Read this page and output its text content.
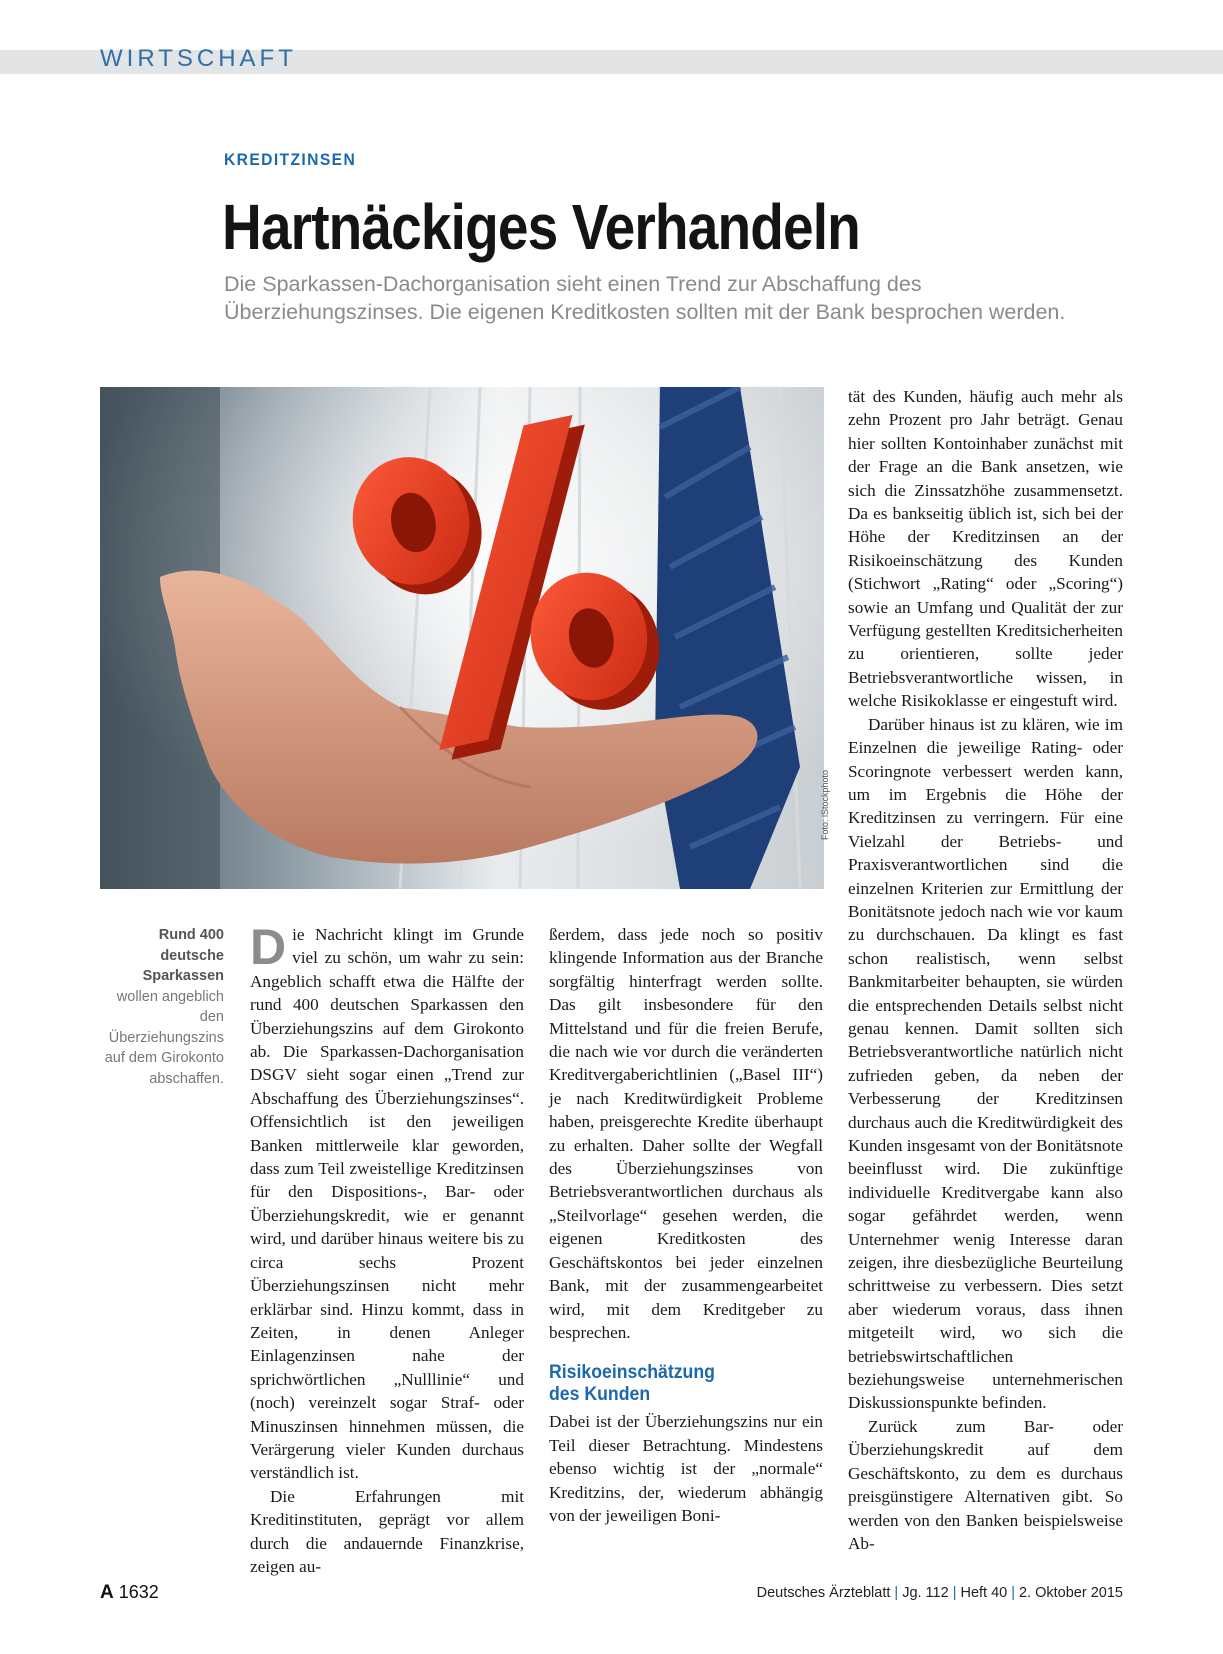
WIRTSCHAFT
KREDITZINSEN
Hartnäckiges Verhandeln
Die Sparkassen-Dachorganisation sieht einen Trend zur Abschaffung des Überziehungszinses. Die eigenen Kreditkosten sollten mit der Bank besprochen werden.
Foto: iStockphoto
Rund 400 deutsche Sparkassen wollen angeblich den Überziehungszins auf dem Girokonto abschaffen.

Die Nachricht klingt im Grunde viel zu schön, um wahr zu sein: Angeblich schafft etwa die Hälfte der rund 400 deutschen Sparkassen den Überziehungszins auf dem Girokonto ab. Die Sparkassen-Dachorganisation DSGV sieht sogar einen „Trend zur Abschaffung des Überziehungszinses“. Offensichtlich ist den jeweiligen Banken mittlerweile klar geworden, dass zum Teil zweistellige Kreditzinsen für den Dispositions-, Bar- oder Überziehungskredit, wie er genannt wird, und darüber hinaus weitere bis zu circa sechs Prozent Überziehungszinsen nicht mehr erklärbar sind. Hinzu kommt, dass in Zeiten, in denen Anleger Einlagenzinsen nahe der sprichwörtlichen „Nulllinie“ und (noch) vereinzelt sogar Straf- oder Minuszinsen hinnehmen müssen, die Verärgerung vieler Kunden durchaus verständlich ist.

Die Erfahrungen mit Kreditinstituten, geprägt vor allem durch die andauernde Finanzkrise, zeigen au-

ßerdem, dass jede noch so positiv klingende Information aus der Branche sorgfältig hinterfragt werden sollte. Das gilt insbesondere für den Mittelstand und für die freien Berufe, die nach wie vor durch die veränderten Kreditvergaberichtlinien („Basel III“) je nach Kreditwürdigkeit Probleme haben, preisgerechte Kredite überhaupt zu erhalten. Daher sollte der Wegfall des Überziehungszinses von Betriebsverantwortlichen durchaus als „Steilvorlage“ gesehen werden, die eigenen Kreditkosten des Geschäftskontos bei jeder einzelnen Bank, mit der zusammengearbeitet wird, mit dem Kreditgeber zu besprechen.

Risikoeinschätzung
des Kunden

Dabei ist der Überziehungszins nur ein Teil dieser Betrachtung. Mindestens ebenso wichtig ist der „normale“ Kreditzins, der, wiederum abhängig von der jeweiligen Boni-

tät des Kunden, häufig auch mehr als zehn Prozent pro Jahr beträgt. Genau hier sollten Kontoinhaber zunächst mit der Frage an die Bank ansetzen, wie sich die Zinssatzhöhe zusammensetzt. Da es bankseitig üblich ist, sich bei der Höhe der Kreditzinsen an der Risikoeinschätzung des Kunden (Stichwort „Rating“ oder „Scoring“) sowie an Umfang und Qualität der zur Verfügung gestellten Kreditsicherheiten zu orientieren, sollte jeder Betriebsverantwortliche wissen, in welche Risikoklasse er eingestuft wird.

Darüber hinaus ist zu klären, wie im Einzelnen die jeweilige Rating- oder Scoringnote verbessert werden kann, um im Ergebnis die Höhe der Kreditzinsen zu verringern. Für eine Vielzahl der Betriebs- und Praxisverantwortlichen sind die einzelnen Kriterien zur Ermittlung der Bonitätsnote jedoch nach wie vor kaum zu durchschauen. Da klingt es fast schon realistisch, wenn selbst Bankmitarbeiter behaupten, sie würden die entsprechenden Details selbst nicht genau kennen. Damit sollten sich Betriebsverantwortliche natürlich nicht zufrieden geben, da neben der Verbesserung der Kreditzinsen durchaus auch die Kreditwürdigkeit des Kunden insgesamt von der Bonitätsnote beeinflusst wird. Die zukünftige individuelle Kreditvergabe kann also sogar gefährdet werden, wenn Unternehmer wenig Interesse daran zeigen, ihre diesbezügliche Beurteilung schrittweise zu verbessern. Dies setzt aber wiederum voraus, dass ihnen mitgeteilt wird, wo sich die betriebswirtschaftlichen beziehungsweise unternehmerischen Diskussionspunkte befinden.

Zurück zum Bar- oder Überziehungskredit auf dem Geschäftskonto, zu dem es durchaus preisgünstigere Alternativen gibt. So werden von den Banken beispielsweise Ab-

A 1632	Deutsches Ärzteblatt | Jg. 112 | Heft 40 | 2. Oktober 2015
